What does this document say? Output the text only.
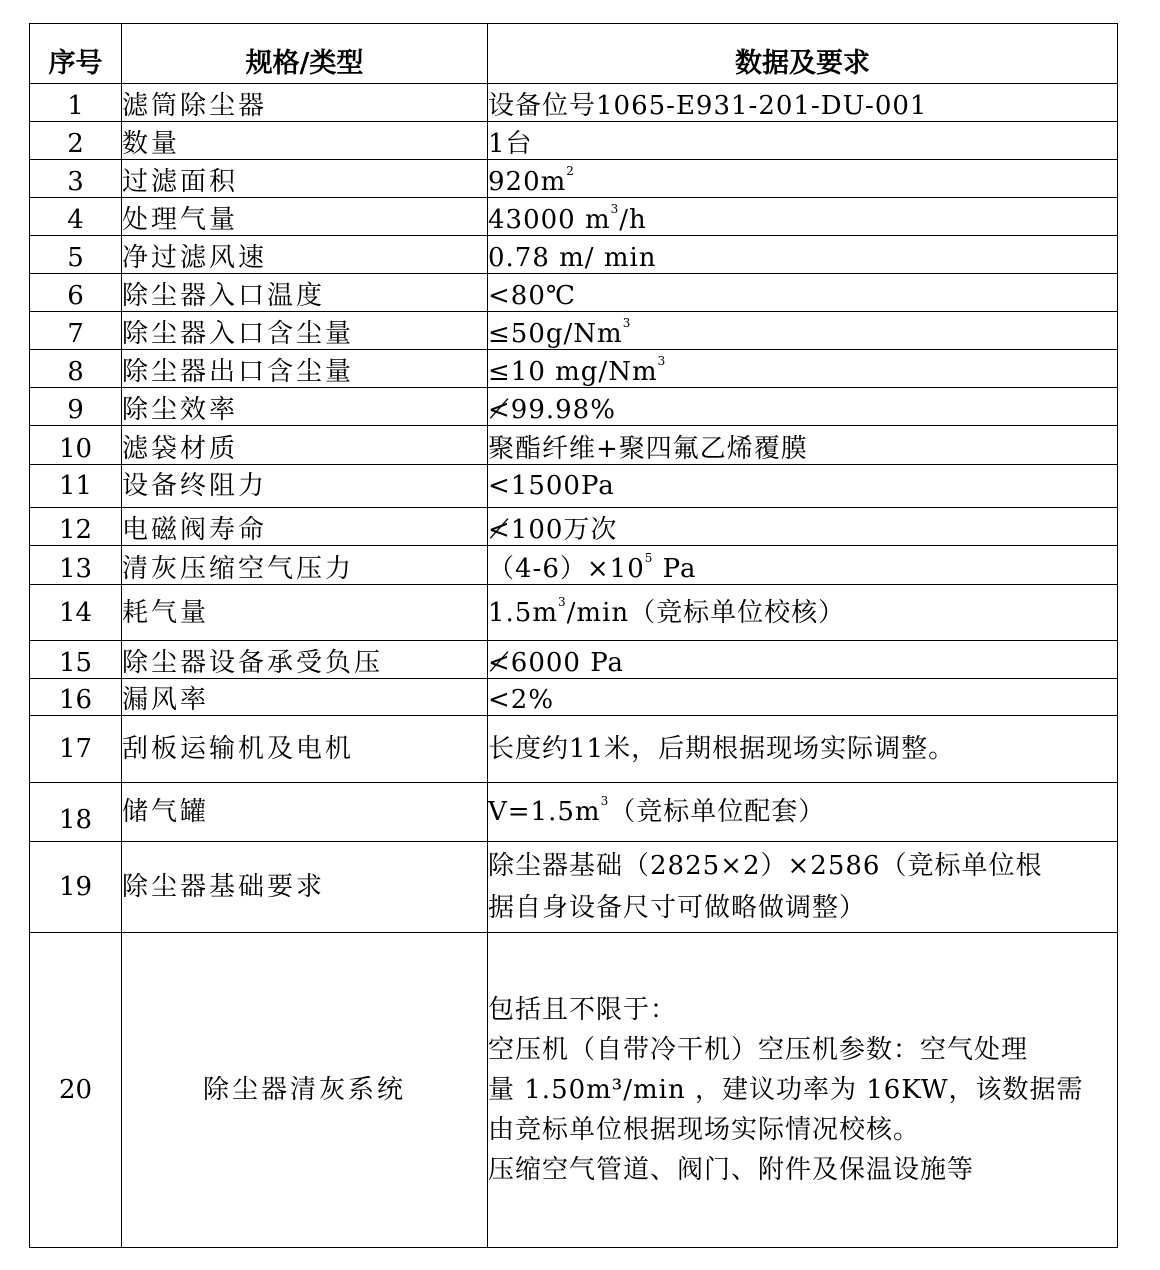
序号	规格/类型	数据及要求
1	滤筒除尘器	设备位号1065-E931-201-DU-001
2	数量	1台
3	过滤面积	$920m^2$
4	处理气量	43000 $m^3/h$
5	净过滤风速	0.78 m/ min
6	除尘器入口温度	<80℃
7	除尘器入口含尘量	$\le 50g/Nm^3$
8	除尘器出口含尘量	≤10 mg/Nm$^3$
9	除尘效率	≮99.98%
10	滤袋材质	聚酯纤维+聚四氟乙烯覆膜
11	设备终阻力	<1500Pa
12	电磁阀寿命	≮100万次
13	清灰压缩空气压力	$(4-6)\times 10^5$ Pa
14	耗气量	$1.5m^3/\min$（竞标单位校核）
15	除尘器设备承受负压	≮6000 Pa
16	漏风率	<2%
17	刮板运输机及电机	长度约11米，后期根据现场实际调整。
18	储气罐	$V=1.5m^3$（竞标单位配套）
19	除尘器基础要求	除尘器基础（2825×2）×2586（竞标单位根
据自身设备尺寸可做略做调整）

20	除尘器清灰系统	包括且不限于：
空压机（自带冷干机）空压机参数：空气处理
量 1.50m³/min ，建议功率为 16KW，该数据需
由竞标单位根据现场实际情况校核。
压缩空气管道、阀门、附件及保温设施等
